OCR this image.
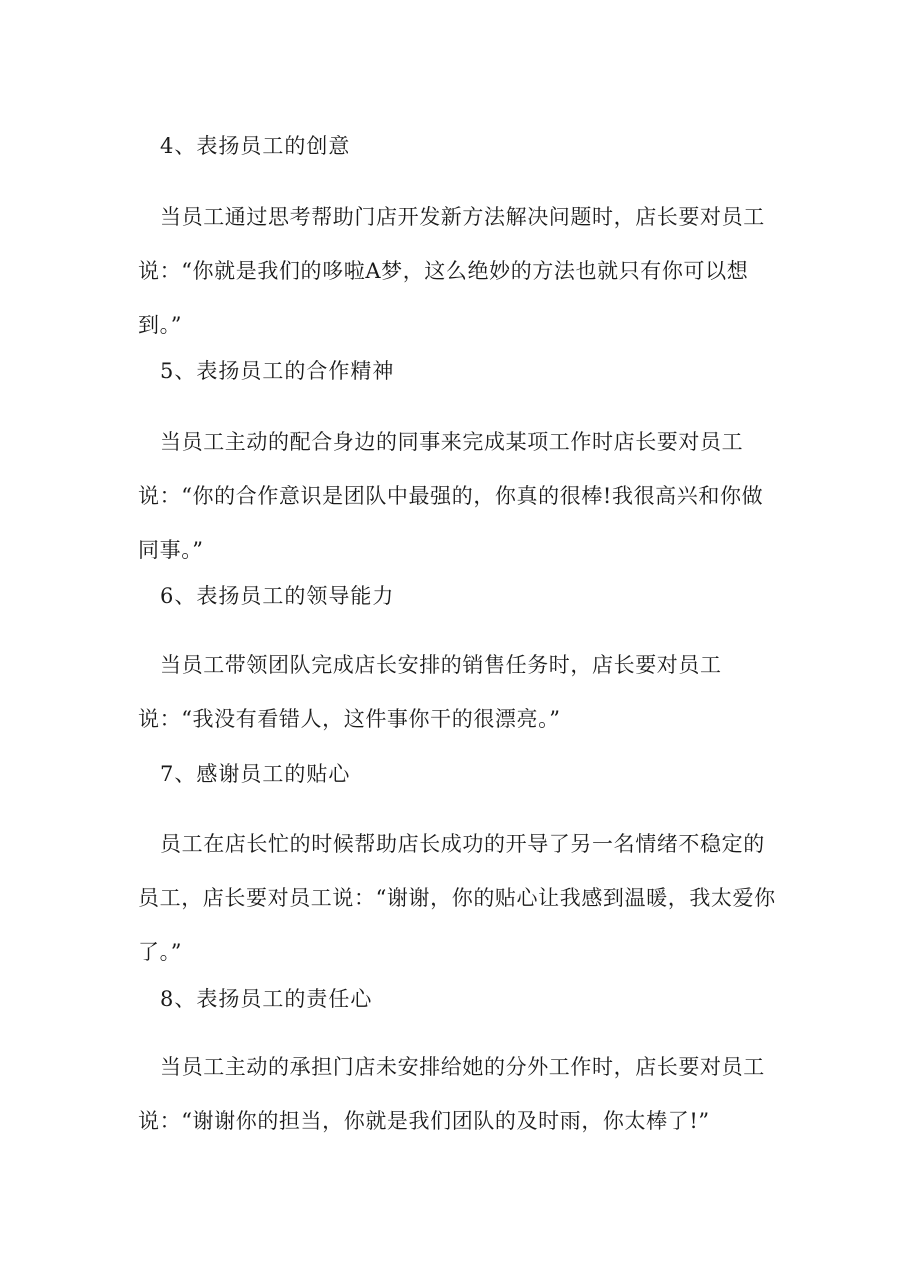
4、表扬员工的创意
当员工通过思考帮助门店开发新方法解决问题时，店长要对员工说：“你就是我们的哆啦A梦，这么绝妙的方法也就只有你可以想到。”
5、表扬员工的合作精神
当员工主动的配合身边的同事来完成某项工作时店长要对员工说：“你的合作意识是团队中最强的，你真的很棒!我很高兴和你做同事。”
6、表扬员工的领导能力
当员工带领团队完成店长安排的销售任务时，店长要对员工说：“我没有看错人，这件事你干的很漂亮。”
7、感谢员工的贴心
员工在店长忙的时候帮助店长成功的开导了另一名情绪不稳定的员工，店长要对员工说：“谢谢，你的贴心让我感到温暖，我太爱你了。”
8、表扬员工的责任心
当员工主动的承担门店未安排给她的分外工作时，店长要对员工说：“谢谢你的担当，你就是我们团队的及时雨，你太棒了!”
